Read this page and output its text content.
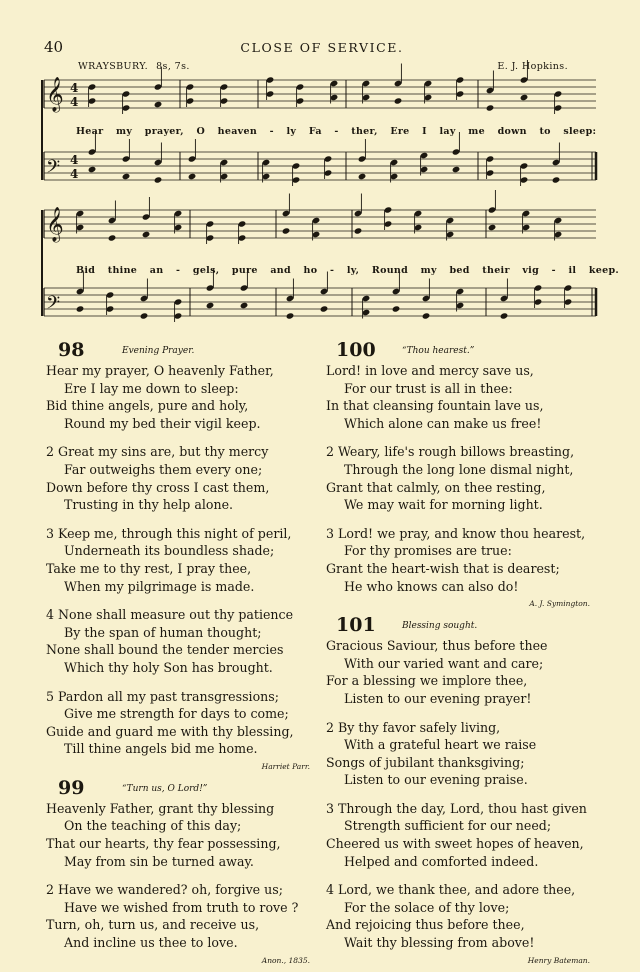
40	CLOSE OF SERVICE.
𝄞 4
4
𝄢 4
4
𝄞
𝄢
WRAYSBURY. 8s, 7s.	E. J. Hopkins.
Hear my prayer, O heaven - ly Fa - ther, Ere I lay me down to sleep:
Bid thine an - gels, pure and ho - ly, Round my bed their vig - il keep.
98	Evening Prayer.
Hear my prayer, O heavenly Father,
Ere I lay me down to sleep:
Bid thine angels, pure and holy,
Round my bed their vigil keep.
2 Great my sins are, but thy mercy
Far outweighs them every one;
Down before thy cross I cast them,
Trusting in thy help alone.
3 Keep me, through this night of peril,
Underneath its boundless shade;
Take me to thy rest, I pray thee,
When my pilgrimage is made.
4 None shall measure out thy patience
By the span of human thought;
None shall bound the tender mercies
Which thy holy Son has brought.
5 Pardon all my past transgressions;
Give me strength for days to come;
Guide and guard me with thy blessing,
Till thine angels bid me home.
Harriet Parr.
99	“Turn us, O Lord!”
Heavenly Father, grant thy blessing
On the teaching of this day;
That our hearts, thy fear possessing,
May from sin be turned away.
2 Have we wandered? oh, forgive us;
Have we wished from truth to rove ?
Turn, oh, turn us, and receive us,
And incline us thee to love.
Anon., 1835.
100	“Thou hearest.”
Lord! in love and mercy save us,
For our trust is all in thee:
In that cleansing fountain lave us,
Which alone can make us free!
2 Weary, life's rough billows breasting,
Through the long lone dismal night,
Grant that calmly, on thee resting,
We may wait for morning light.
3 Lord! we pray, and know thou hearest,
For thy promises are true:
Grant the heart-wish that is dearest;
He who knows can also do!
A. J. Symington.
101	Blessing sought.
Gracious Saviour, thus before thee
With our varied want and care;
For a blessing we implore thee,
Listen to our evening prayer!
2 By thy favor safely living,
With a grateful heart we raise
Songs of jubilant thanksgiving;
Listen to our evening praise.
3 Through the day, Lord, thou hast given
Strength sufficient for our need;
Cheered us with sweet hopes of heaven,
Helped and comforted indeed.
4 Lord, we thank thee, and adore thee,
For the solace of thy love;
And rejoicing thus before thee,
Wait thy blessing from above!
Henry Bateman.
